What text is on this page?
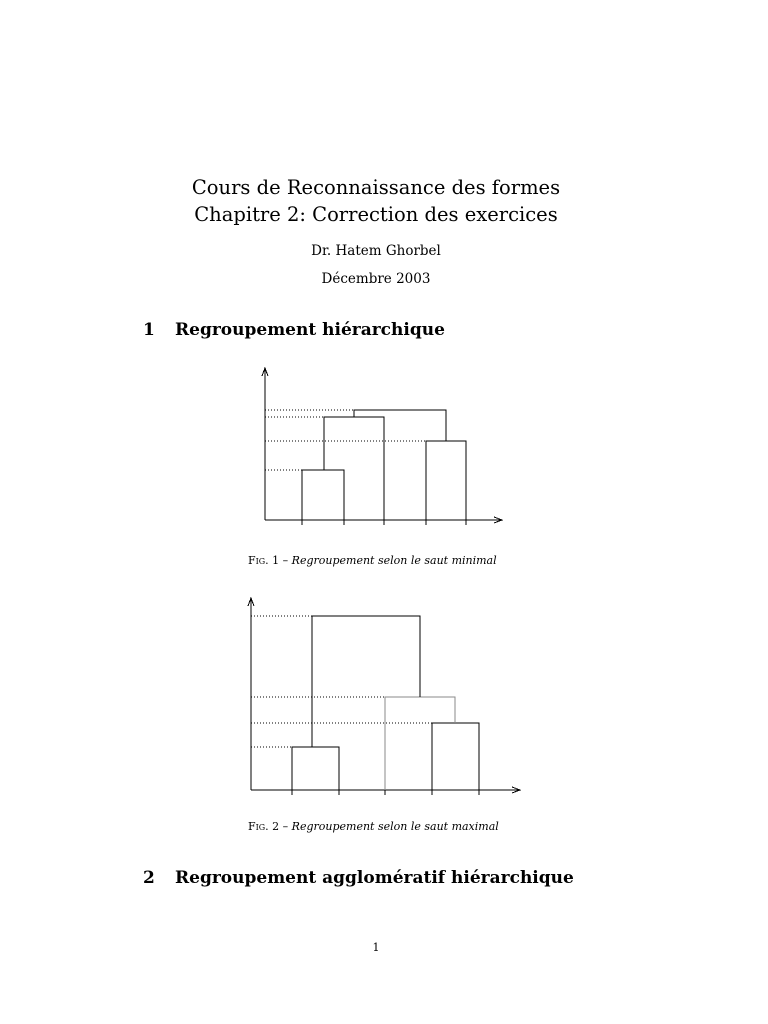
Cours de Reconnaissance des formes
Chapitre 2: Correction des exercices
Dr. Hatem Ghorbel
Décembre 2003
1 Regroupement hiérarchique
Fig. 1 – Regroupement selon le saut minimal
Fig. 2 – Regroupement selon le saut maximal
2 Regroupement agglomératif hiérarchique
1
